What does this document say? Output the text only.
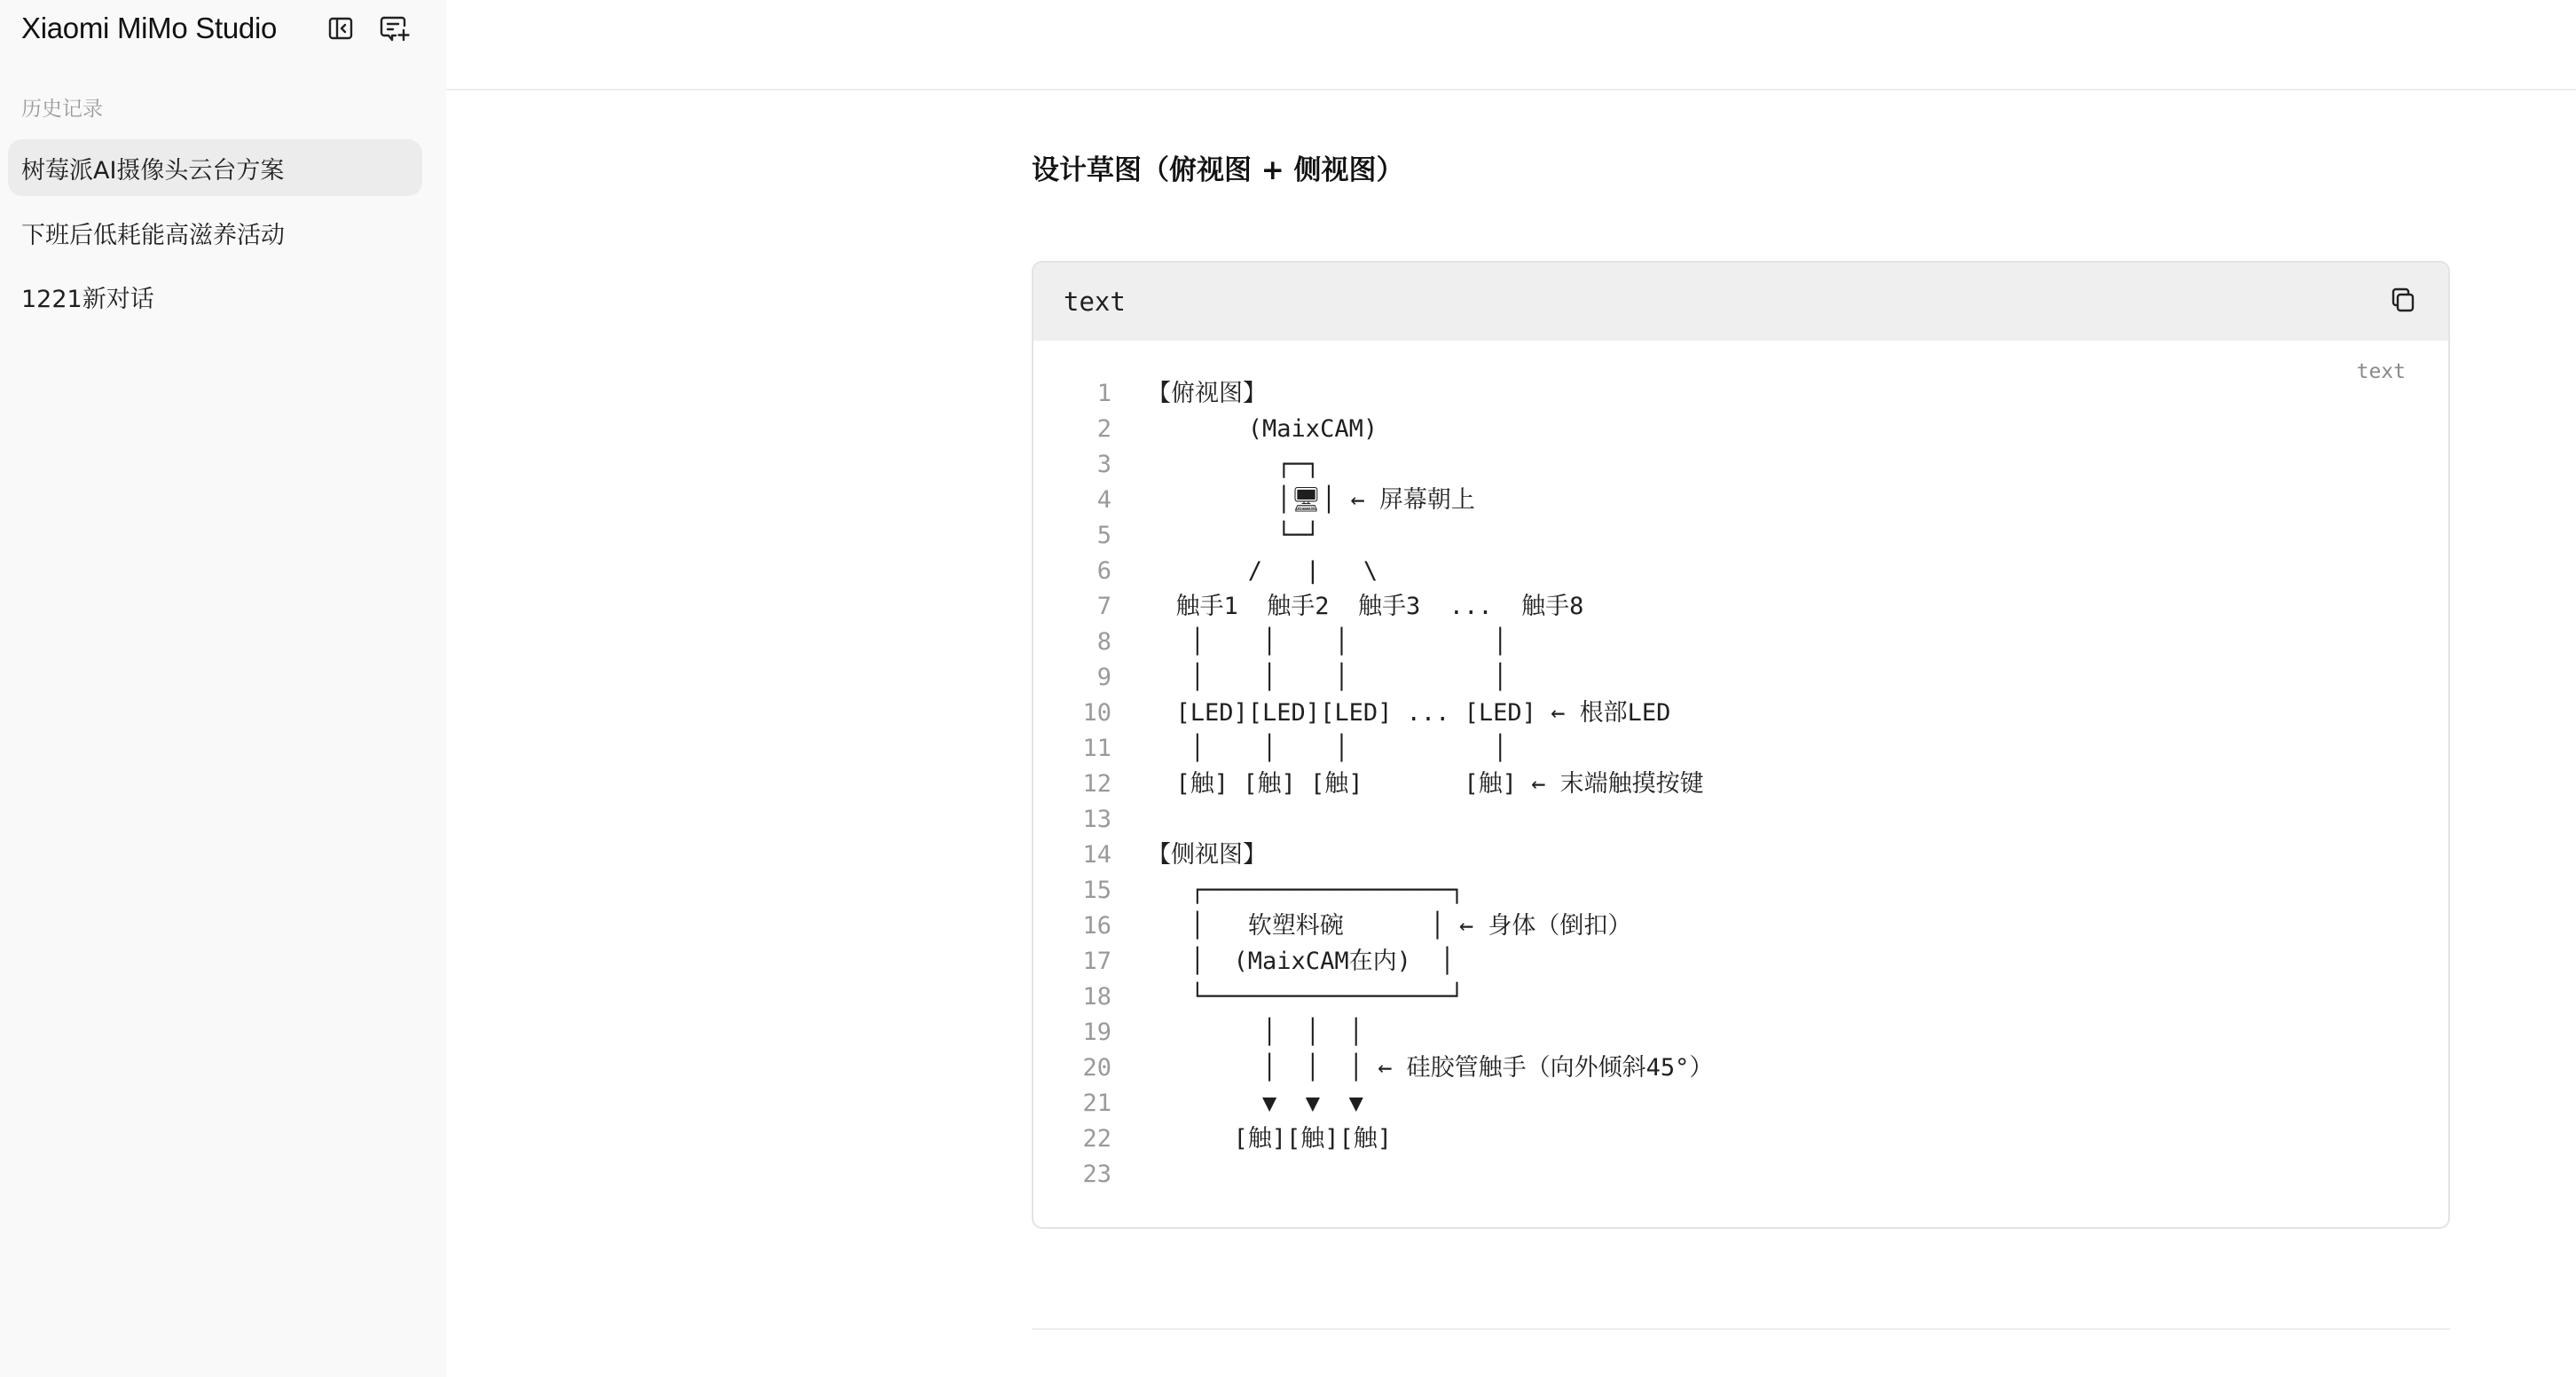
Xiaomi MiMo Studio
历史记录
树莓派AI摄像头云台方案
下班后低耗能高滋养活动
1221新对话
设计草图（俯视图 + 侧视图）
text
text
1 【俯视图】
2 (MaixCAM)
3 ┌─┐
4 │🖥│ ← 屏幕朝上
5 └─┘
6 /   |   \
7 触手1  触手2  触手3  ...  触手8
8 │    │    │          │
9 │    │    │          │
10 [LED][LED][LED] ... [LED] ← 根部LED
11 │    │    │          │
12 [触] [触] [触]       [触] ← 末端触摸按键
13
14 【侧视图】
15 ┌─────────────────┐
16 │   软塑料碗      │ ← 身体（倒扣）
17 │  (MaixCAM在内)  │
18 └─────────────────┘
19 │  │  │
20 │  │  │ ← 硅胶管触手（向外倾斜45°）
21 ▼  ▼  ▼
22 [触][触][触]
23
